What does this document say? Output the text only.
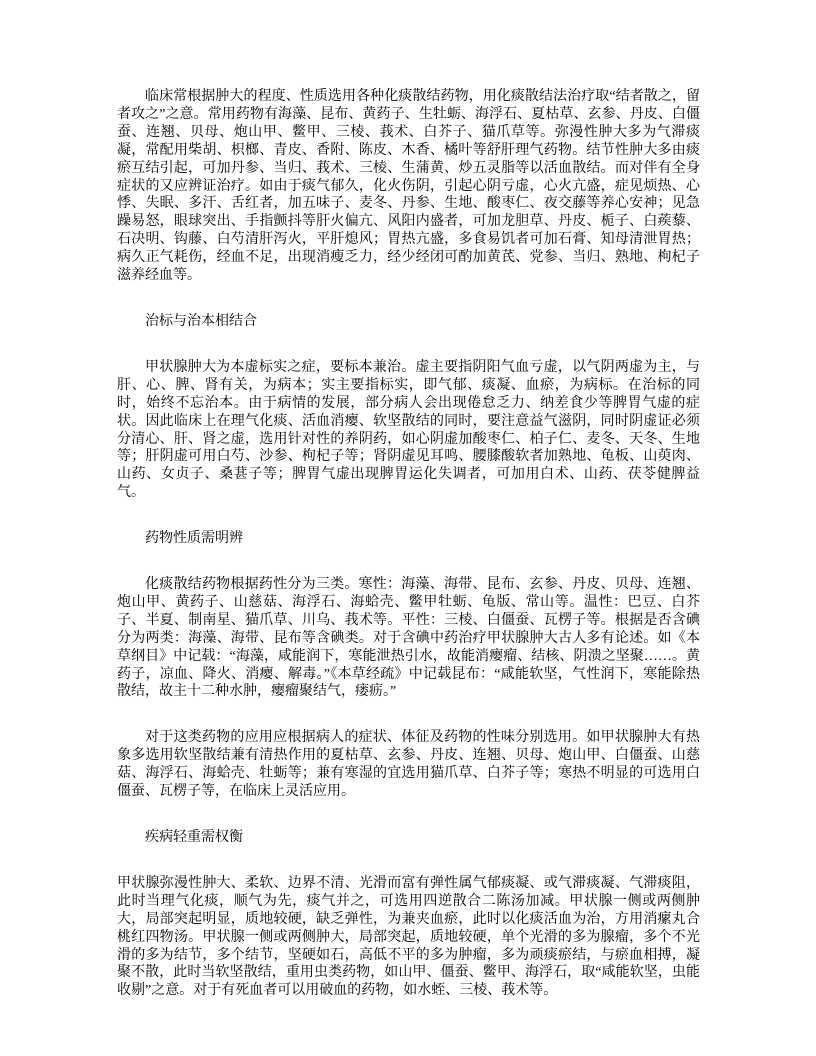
临床常根据肿大的程度、性质选用各种化痰散结药物，用化痰散结法治疗取“结者散之，留者攻之”之意。常用药物有海藻、昆布、黄药子、生牡蛎、海浮石、夏枯草、玄参、丹皮、白僵蚕、连翘、贝母、炮山甲、鳖甲、三棱、莪术、白芥子、猫爪草等。弥漫性肿大多为气滞痰凝，常配用柴胡、枳榔、青皮、香附、陈皮、木香、橘叶等舒肝理气药物。结节性肿大多由痰瘀互结引起，可加丹参、当归、莪术、三棱、生蒲黄、炒五灵脂等以活血散结。而对伴有全身症状的又应辨证治疗。如由于痰气郁久，化火伤阴，引起心阴亏虚，心火亢盛，症见烦热、心悸、失眠、多汗、舌红者，加五味子、麦冬、丹参、生地、酸枣仁、夜交藤等养心安神；见急躁易怒，眼球突出、手指颤抖等肝火偏亢、风阳内盛者，可加龙胆草、丹皮、栀子、白蒺藜、石决明、钩藤、白芍清肝泻火，平肝熄风；胃热亢盛，多食易饥者可加石膏、知母清泄胃热；病久正气耗伤，经血不足，出现消瘦乏力，经少经闭可酌加黄芪、党参、当归、熟地、枸杞子滋养经血等。

治标与治本相结合

甲状腺肿大为本虚标实之症，要标本兼治。虚主要指阴阳气血亏虚，以气阴两虚为主，与肝、心、脾、肾有关，为病本；实主要指标实，即气郁、痰凝、血瘀，为病标。在治标的同时，始终不忘治本。由于病情的发展，部分病人会出现倦怠乏力、纳差食少等脾胃气虚的症状。因此临床上在理气化痰、活血消瘿、软坚散结的同时，要注意益气滋阴，同时阴虚证必须分清心、肝、肾之虚，选用针对性的养阴药，如心阴虚加酸枣仁、柏子仁、麦冬、天冬、生地等；肝阴虚可用白芍、沙参、枸杞子等；肾阴虚见耳鸣、腰膝酸软者加熟地、龟板、山萸肉、山药、女贞子、桑葚子等；脾胃气虚出现脾胃运化失调者，可加用白术、山药、茯苓健脾益气。

药物性质需明辨

化痰散结药物根据药性分为三类。寒性：海藻、海带、昆布、玄参、丹皮、贝母、连翘、炮山甲、黄药子、山慈菇、海浮石、海蛤壳、鳖甲牡蛎、龟版、常山等。温性：巴豆、白芥子、半夏、制南星、猫爪草、川乌、莪术等。平性：三棱、白僵蚕、瓦楞子等。根据是否含碘分为两类：海藻、海带、昆布等含碘类。对于含碘中药治疗甲状腺肿大古人多有论述。如《本草纲目》中记载：“海藻，咸能润下，寒能泄热引水，故能消瘿瘤、结核、阴溃之坚聚……。黄药子，凉血、降火、消瘿、解毒。”《本草经疏》中记载昆布：“咸能软坚，气性润下，寒能除热散结，故主十二种水肿，瘿瘤聚结气，瘘疬。”

对于这类药物的应用应根据病人的症状、体征及药物的性味分别选用。如甲状腺肿大有热象多选用软坚散结兼有清热作用的夏枯草、玄参、丹皮、连翘、贝母、炮山甲、白僵蚕、山慈菇、海浮石、海蛤壳、牡蛎等；兼有寒湿的宜选用猫爪草、白芥子等；寒热不明显的可选用白僵蚕、瓦楞子等，在临床上灵活应用。

疾病轻重需权衡

甲状腺弥漫性肿大、柔软、边界不清、光滑而富有弹性属气郁痰凝、或气滞痰凝、气滞痰阻，此时当理气化痰，顺气为先，痰气并之，可选用四逆散合二陈汤加减。甲状腺一侧或两侧肿大，局部突起明显，质地较硬，缺乏弹性，为兼夹血瘀，此时以化痰活血为治，方用消瘰丸合桃红四物汤。甲状腺一侧或两侧肿大，局部突起，质地较硬，单个光滑的多为腺瘤，多个不光滑的多为结节，多个结节，坚硬如石，高低不平的多为肿瘤，多为顽痰瘀结，与瘀血相搏，凝聚不散，此时当软坚散结，重用虫类药物，如山甲、僵蚕、鳖甲、海浮石，取“咸能软坚，虫能收剔”之意。对于有死血者可以用破血的药物，如水蛭、三棱、莪术等。
